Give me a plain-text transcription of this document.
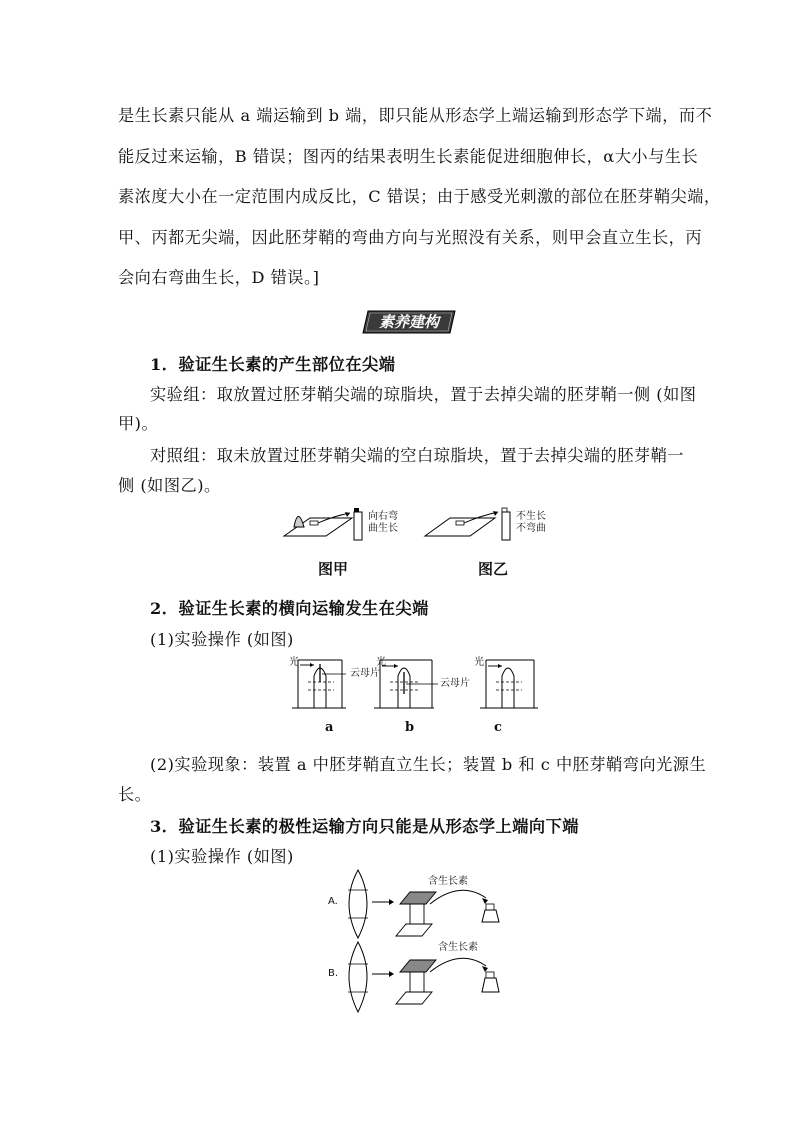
是生长素只能从 a 端运输到 b 端，即只能从形态学上端运输到形态学下端，而不
能反过来运输，B 错误；图丙的结果表明生长素能促进细胞伸长，α大小与生长
素浓度大小在一定范围内成反比，C 错误；由于感受光刺激的部位在胚芽鞘尖端，
甲、丙都无尖端，因此胚芽鞘的弯曲方向与光照没有关系，则甲会直立生长，丙
会向右弯曲生长，D 错误。]
素养建构
1．验证生长素的产生部位在尖端
实验组：取放置过胚芽鞘尖端的琼脂块，置于去掉尖端的胚芽鞘一侧 (如图
甲)。
对照组：取未放置过胚芽鞘尖端的空白琼脂块，置于去掉尖端的胚芽鞘一
侧 (如图乙)。
向右弯
曲生长
不生长
不弯曲
图甲	图乙
2．验证生长素的横向运输发生在尖端
(1)实验操作 (如图)
光
云母片
光
云母片
光
a	b	c
(2)实验现象：装置 a 中胚芽鞘直立生长；装置 b 和 c 中胚芽鞘弯向光源生
长。
3．验证生长素的极性运输方向只能是从形态学上端向下端
(1)实验操作 (如图)
A.
B.
含生长素
含生长素
